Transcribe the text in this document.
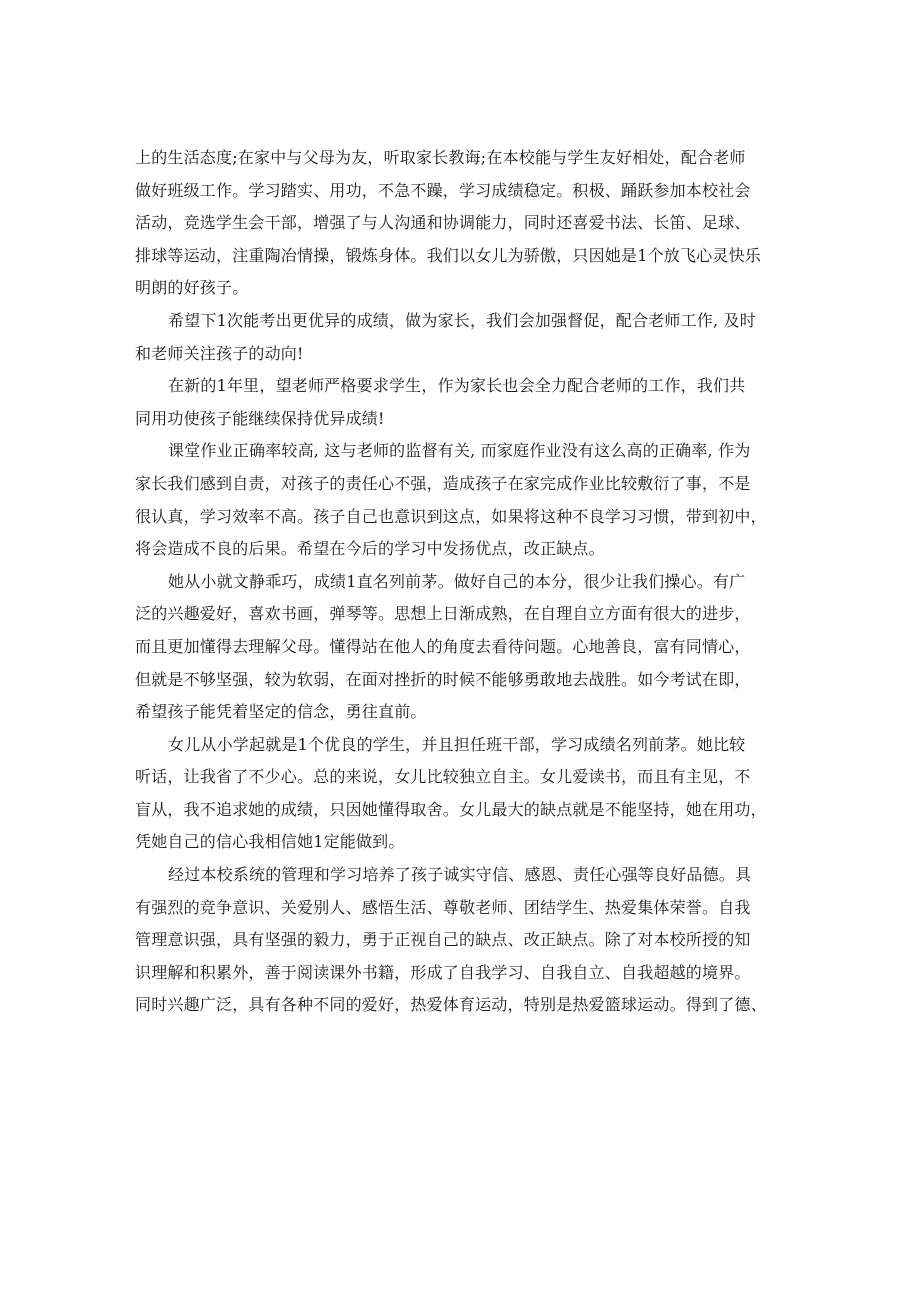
上的生活态度;在家中与父母为友，听取家长教诲;在本校能与学生友好相处，配合老师
做好班级工作。学习踏实、用功，不急不躁，学习成绩稳定。积极、踊跃参加本校社会
活动，竞选学生会干部，增强了与人沟通和协调能力，同时还喜爱书法、长笛、足球、
排球等运动，注重陶冶情操，锻炼身体。我们以女儿为骄傲，只因她是1个放飞心灵快乐
明朗的好孩子。
希望下1次能考出更优异的成绩，做为家长，我们会加强督促，配合老师工作, 及时
和老师关注孩子的动向!
在新的1年里，望老师严格要求学生，作为家长也会全力配合老师的工作，我们共
同用功使孩子能继续保持优异成绩!
课堂作业正确率较高, 这与老师的监督有关, 而家庭作业没有这么高的正确率, 作为
家长我们感到自责，对孩子的责任心不强，造成孩子在家完成作业比较敷衍了事，不是
很认真，学习效率不高。孩子自己也意识到这点，如果将这种不良学习习惯，带到初中，
将会造成不良的后果。希望在今后的学习中发扬优点，改正缺点。
她从小就文静乖巧，成绩1直名列前茅。做好自己的本分，很少让我们操心。有广
泛的兴趣爱好，喜欢书画，弹琴等。思想上日渐成熟，在自理自立方面有很大的进步，
而且更加懂得去理解父母。懂得站在他人的角度去看待问题。心地善良，富有同情心，
但就是不够坚强，较为软弱，在面对挫折的时候不能够勇敢地去战胜。如今考试在即，
希望孩子能凭着坚定的信念，勇往直前。
女儿从小学起就是1个优良的学生，并且担任班干部，学习成绩名列前茅。她比较
听话，让我省了不少心。总的来说，女儿比较独立自主。女儿爱读书，而且有主见，不
盲从，我不追求她的成绩，只因她懂得取舍。女儿最大的缺点就是不能坚持，她在用功，
凭她自己的信心我相信她1定能做到。
经过本校系统的管理和学习培养了孩子诚实守信、感恩、责任心强等良好品德。具
有强烈的竞争意识、关爱别人、感悟生活、尊敬老师、团结学生、热爱集体荣誉。自我
管理意识强，具有坚强的毅力，勇于正视自己的缺点、改正缺点。除了对本校所授的知
识理解和积累外，善于阅读课外书籍，形成了自我学习、自我自立、自我超越的境界。
同时兴趣广泛，具有各种不同的爱好，热爱体育运动，特别是热爱篮球运动。得到了德、
